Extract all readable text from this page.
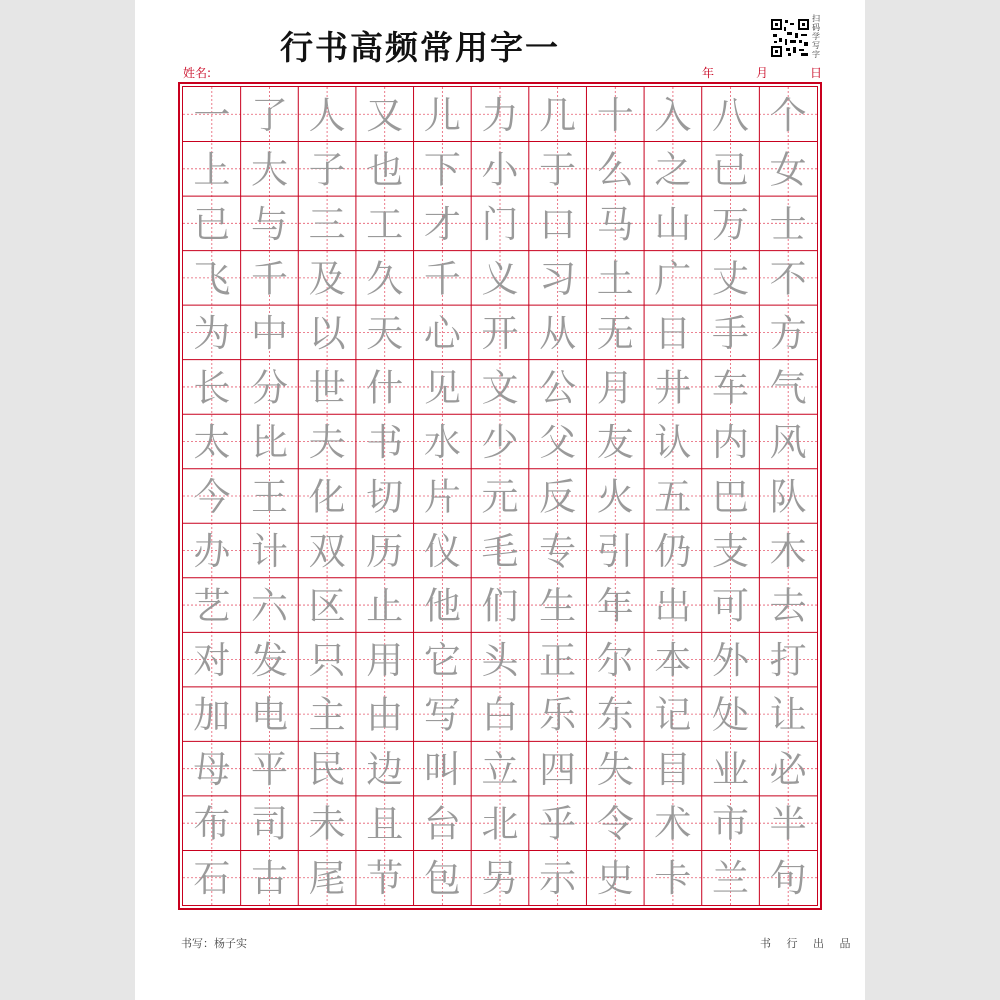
行书高频常用字一
扫码学写字
姓名:	年	月	日
一 了 人 又 儿 力 几 十 入 八 个
上 大 子 也 下 小 于 么 之 已 女
已 与 三 工 才 门 口 马 山 万 士
飞 千 及 久 千 义 习 土 广 丈 不
为 中 以 天 心 开 从 无 日 手 方
长 分 世 什 见 文 公 月 井 车 气
太 比 夫 书 水 少 父 友 认 内 风
今 王 化 切 片 元 反 火 五 巴 队
办 计 双 历 仪 毛 专 引 仍 支 木
艺 六 区 止 他 们 生 年 出 可 去
对 发 只 用 它 头 正 尔 本 外 打
加 电 主 由 写 白 乐 东 记 处 让
母 平 民 边 叫 立 四 失 目 业 必
布 司 未 且 台 北 乎 令 术 市 半
石 古 尾 节 包 另 示 史 卡 兰 句
书写：杨子实	书 行 出 品
